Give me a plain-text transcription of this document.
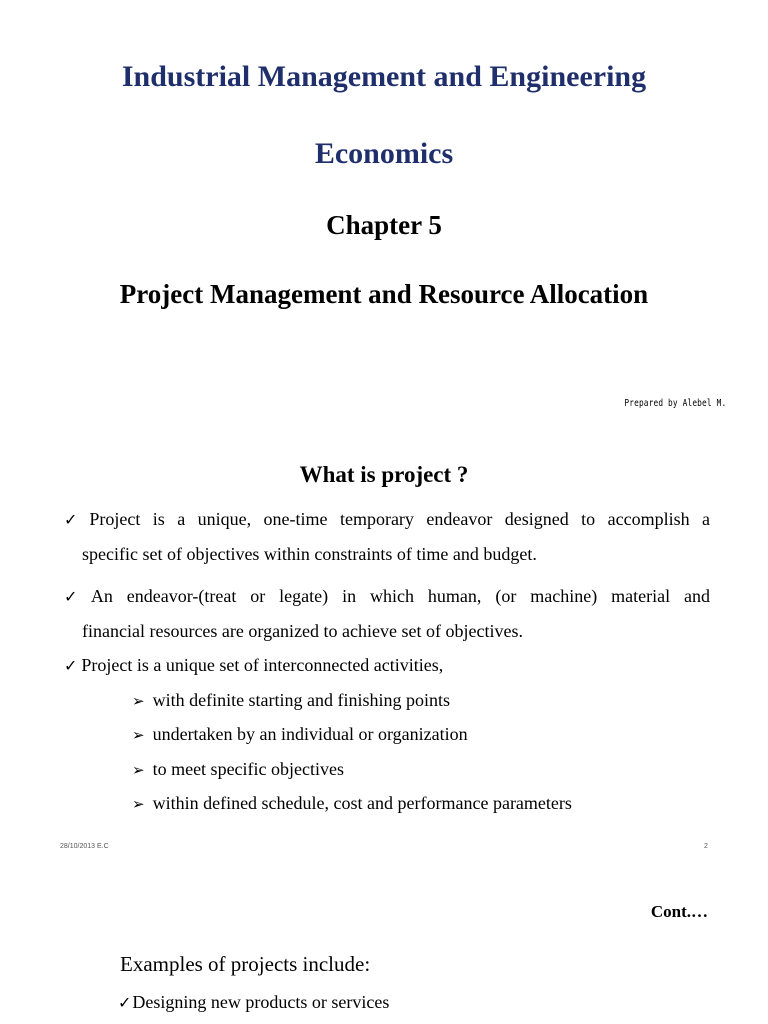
Industrial Management and Engineering
Economics
Chapter 5
Project Management and Resource Allocation
Prepared by Alebel M.
What is project ?
✓ Project is a unique, one-time temporary endeavor designed to accomplish a
specific set of objectives within constraints of time and budget.
✓ An endeavor-(treat or legate) in which human, (or machine) material and
financial resources are organized to achieve set of objectives.
✓ Project is a unique set of interconnected activities,
➢ with definite starting and finishing points
➢ undertaken by an individual or organization
➢ to meet specific objectives
➢ within defined schedule, cost and performance parameters
28/10/2013 E.C	2
Cont.…
Examples of projects include:
✓Designing new products or services
